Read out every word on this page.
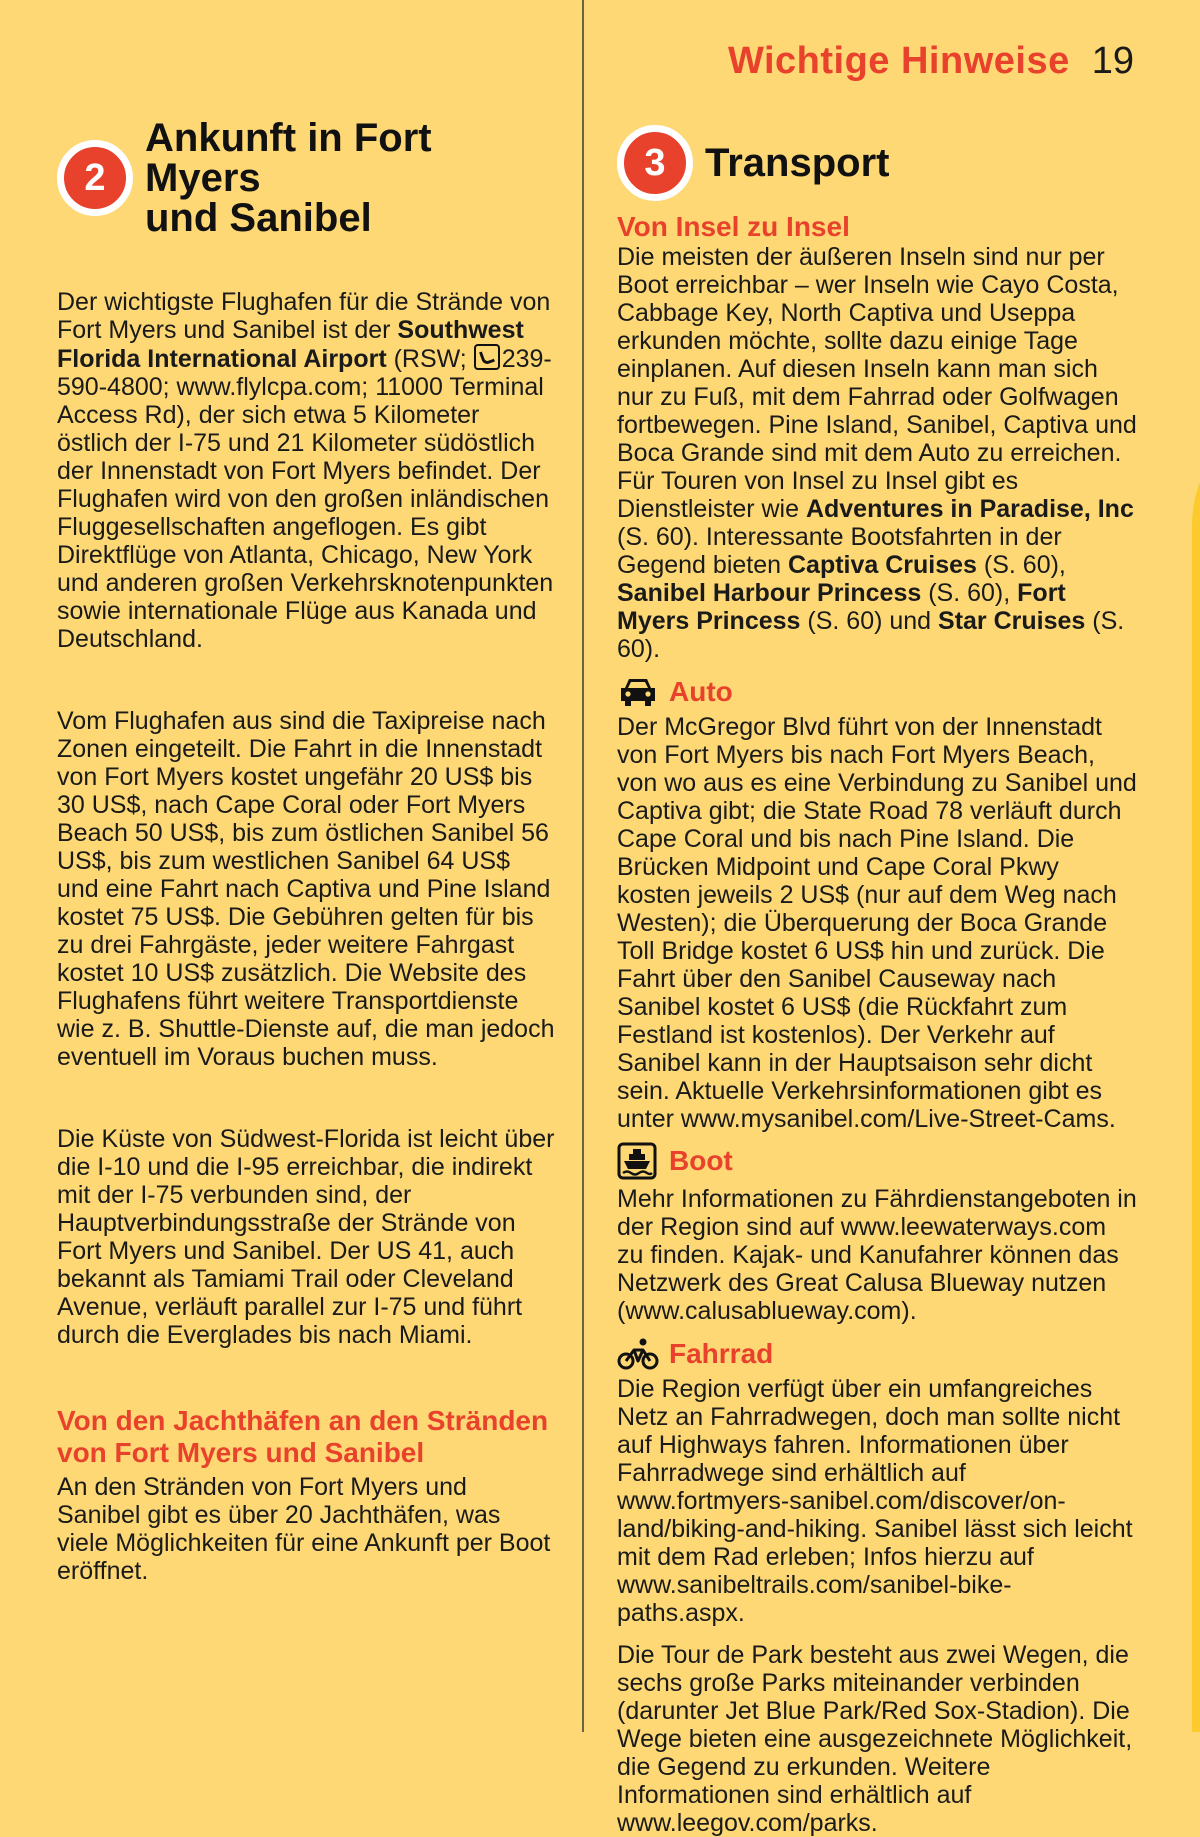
Wichtige Hinweise 19
2
Ankunft in Fort Myers
und Sanibel

Der wichtigste Flughafen für die Strände von Fort Myers und Sanibel ist der Southwest Florida International Airport (RSW; 239-590-4800; www.flylcpa.com; 11000 Terminal Access Rd), der sich etwa 5 Kilometer östlich der I-75 und 21 Kilometer südöstlich der Innenstadt von Fort Myers befindet. Der Flughafen wird von den großen inländischen Fluggesellschaften angeflogen. Es gibt Direktflüge von Atlanta, Chicago, New York und anderen großen Verkehrsknotenpunkten sowie internationale Flüge aus Kanada und Deutschland.

Vom Flughafen aus sind die Taxipreise nach Zonen eingeteilt. Die Fahrt in die Innenstadt von Fort Myers kostet ungefähr 20 US$ bis 30 US$, nach Cape Coral oder Fort Myers Beach 50 US$, bis zum östlichen Sanibel 56 US$, bis zum westlichen Sanibel 64 US$ und eine Fahrt nach Captiva und Pine Island kostet 75 US$. Die Gebühren gelten für bis zu drei Fahrgäste, jeder weitere Fahrgast kostet 10 US$ zusätzlich. Die Website des Flughafens führt weitere Transportdienste wie z. B. Shuttle-Dienste auf, die man jedoch eventuell im Voraus buchen muss.

Die Küste von Südwest-Florida ist leicht über die I-10 und die I-95 erreichbar, die indirekt mit der I-75 verbunden sind, der Hauptverbindungsstraße der Strände von Fort Myers und Sanibel. Der US 41, auch bekannt als Tamiami Trail oder Cleveland Avenue, verläuft parallel zur I-75 und führt durch die Everglades bis nach Miami.

Von den Jachthäfen an den Stränden von Fort Myers und Sanibel

An den Stränden von Fort Myers und Sanibel gibt es über 20 Jachthäfen, was viele Möglichkeiten für eine Ankunft per Boot eröffnet.

3 Transport
Von Insel zu Insel

Die meisten der äußeren Inseln sind nur per Boot erreichbar – wer Inseln wie Cayo Costa, Cabbage Key, North Captiva und Useppa erkunden möchte, sollte dazu einige Tage einplanen. Auf diesen Inseln kann man sich nur zu Fuß, mit dem Fahrrad oder Golfwagen fortbewegen. Pine Island, Sanibel, Captiva und Boca Grande sind mit dem Auto zu erreichen. Für Touren von Insel zu Insel gibt es Dienstleister wie Adventures in Paradise, Inc (S. 60). Interessante Bootsfahrten in der Gegend bieten Captiva Cruises (S. 60), Sanibel Harbour Princess (S. 60), Fort Myers Princess (S. 60) und Star Cruises (S. 60).

Auto

Der McGregor Blvd führt von der Innenstadt von Fort Myers bis nach Fort Myers Beach, von wo aus es eine Verbindung zu Sanibel und Captiva gibt; die State Road 78 verläuft durch Cape Coral und bis nach Pine Island. Die Brücken Midpoint und Cape Coral Pkwy kosten jeweils 2 US$ (nur auf dem Weg nach Westen); die Überquerung der Boca Grande Toll Bridge kostet 6 US$ hin und zurück. Die Fahrt über den Sanibel Causeway nach Sanibel kostet 6 US$ (die Rückfahrt zum Festland ist kostenlos). Der Verkehr auf Sanibel kann in der Hauptsaison sehr dicht sein. Aktuelle Verkehrsinformationen gibt es unter www.mysanibel.com/Live-Street-Cams.

Boot

Mehr Informationen zu Fährdienstangeboten in der Region sind auf www.leewaterways.com zu finden. Kajak- und Kanufahrer können das Netzwerk des Great Calusa Blueway nutzen (www.calusablueway.com).

Fahrrad

Die Region verfügt über ein umfangreiches Netz an Fahrradwegen, doch man sollte nicht auf Highways fahren. Informationen über Fahrradwege sind erhältlich auf www.fortmyers-sanibel.com/discover/on-land/biking-and-hiking. Sanibel lässt sich leicht mit dem Rad erleben; Infos hierzu auf www.sanibeltrails.com/sanibel-bike-paths.aspx.

Die Tour de Park besteht aus zwei Wegen, die sechs große Parks miteinander verbinden (darunter Jet Blue Park/Red Sox-Stadion). Die Wege bieten eine ausgezeichnete Möglichkeit, die Gegend zu erkunden. Weitere Informationen sind erhältlich auf www.leegov.com/parks.
